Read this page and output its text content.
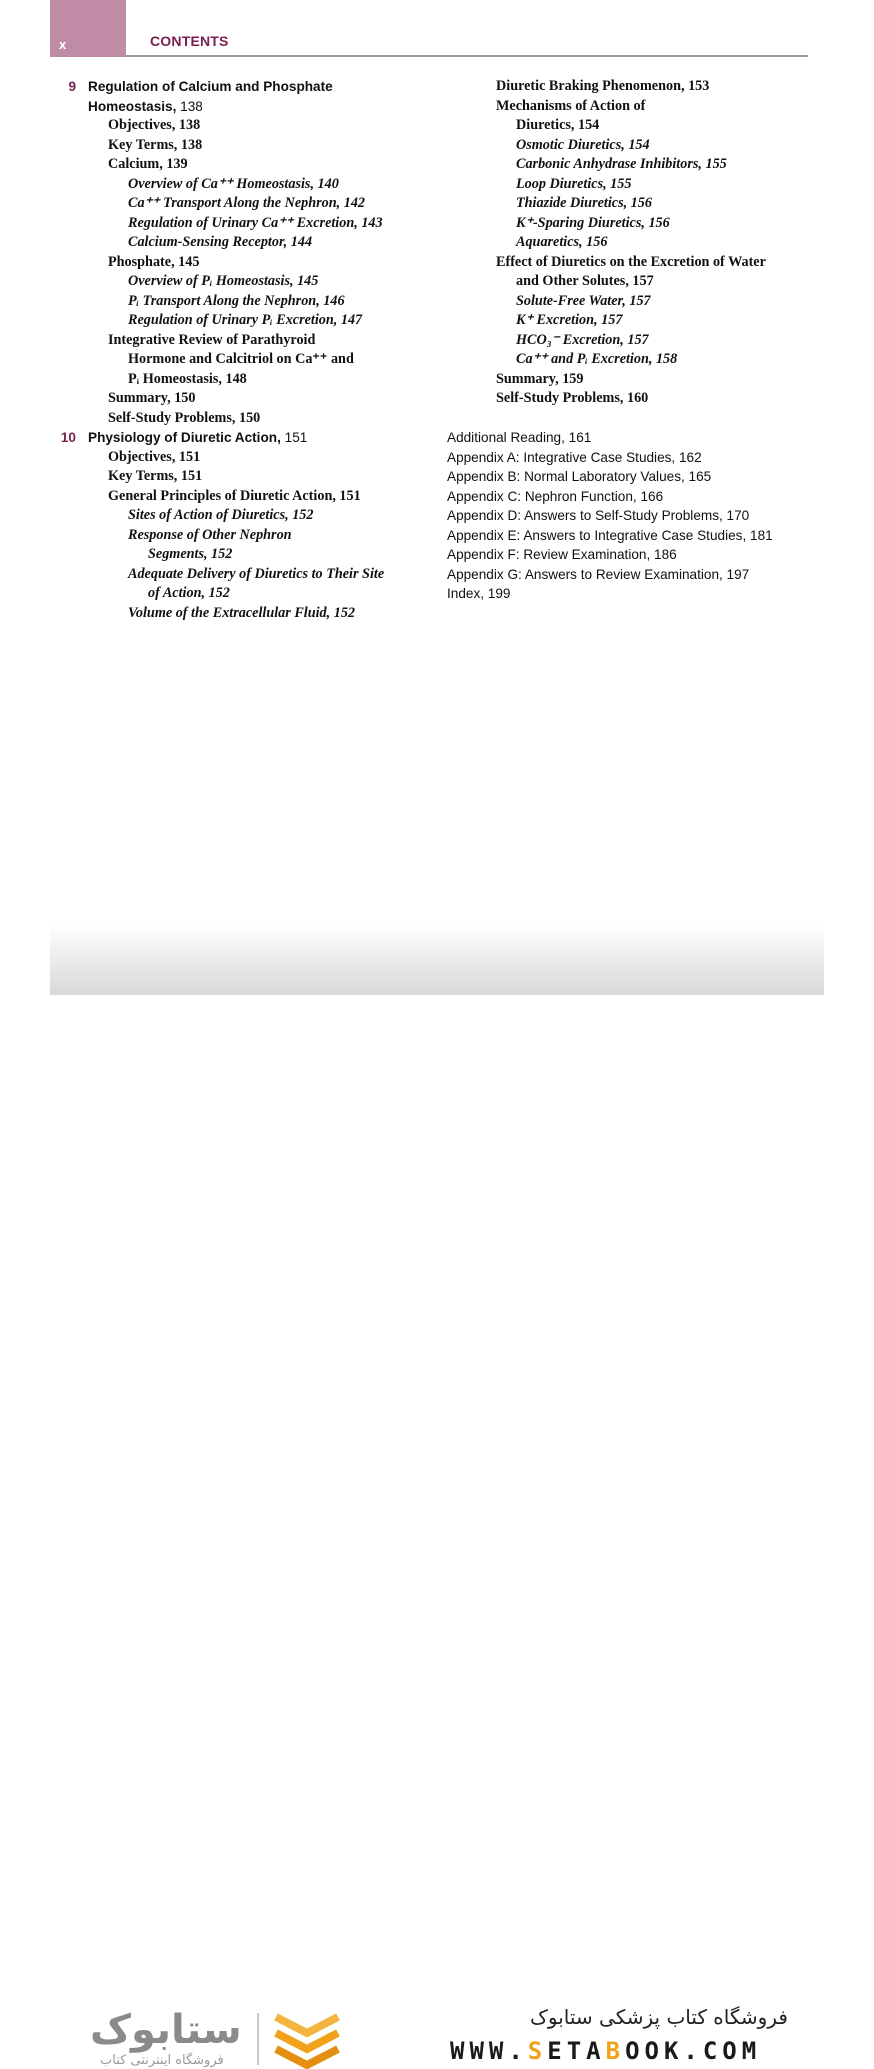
x	CONTENTS
9 Regulation of Calcium and Phosphate
Homeostasis, 138
Objectives, 138
Key Terms, 138
Calcium, 139
Overview of Ca⁺⁺ Homeostasis, 140
Ca⁺⁺ Transport Along the Nephron, 142
Regulation of Urinary Ca⁺⁺ Excretion, 143
Calcium-Sensing Receptor, 144
Phosphate, 145
Overview of Pᵢ Homeostasis, 145
Pᵢ Transport Along the Nephron, 146
Regulation of Urinary Pᵢ Excretion, 147
Integrative Review of Parathyroid
Hormone and Calcitriol on Ca⁺⁺ and
Pᵢ Homeostasis, 148
Summary, 150
Self-Study Problems, 150
10 Physiology of Diuretic Action, 151
Objectives, 151
Key Terms, 151
General Principles of Diuretic Action, 151
Sites of Action of Diuretics, 152
Response of Other Nephron
Segments, 152
Adequate Delivery of Diuretics to Their Site
of Action, 152
Volume of the Extracellular Fluid, 152
Diuretic Braking Phenomenon, 153
Mechanisms of Action of
Diuretics, 154
Osmotic Diuretics, 154
Carbonic Anhydrase Inhibitors, 155
Loop Diuretics, 155
Thiazide Diuretics, 156
K⁺-Sparing Diuretics, 156
Aquaretics, 156
Effect of Diuretics on the Excretion of Water
and Other Solutes, 157
Solute-Free Water, 157
K⁺ Excretion, 157
HCO₃⁻ Excretion, 157
Ca⁺⁺ and Pᵢ Excretion, 158
Summary, 159
Self-Study Problems, 160
Additional Reading, 161
Appendix A: Integrative Case Studies, 162
Appendix B: Normal Laboratory Values, 165
Appendix C: Nephron Function, 166
Appendix D: Answers to Self-Study Problems, 170
Appendix E: Answers to Integrative Case Studies, 181
Appendix F: Review Examination, 186
Appendix G: Answers to Review Examination, 197
Index, 199
ستابوک
فروشگاه اینترنتی کتاب
فروشگاه کتاب پزشکی ستابوک
WWW.SETABOOK.COM
